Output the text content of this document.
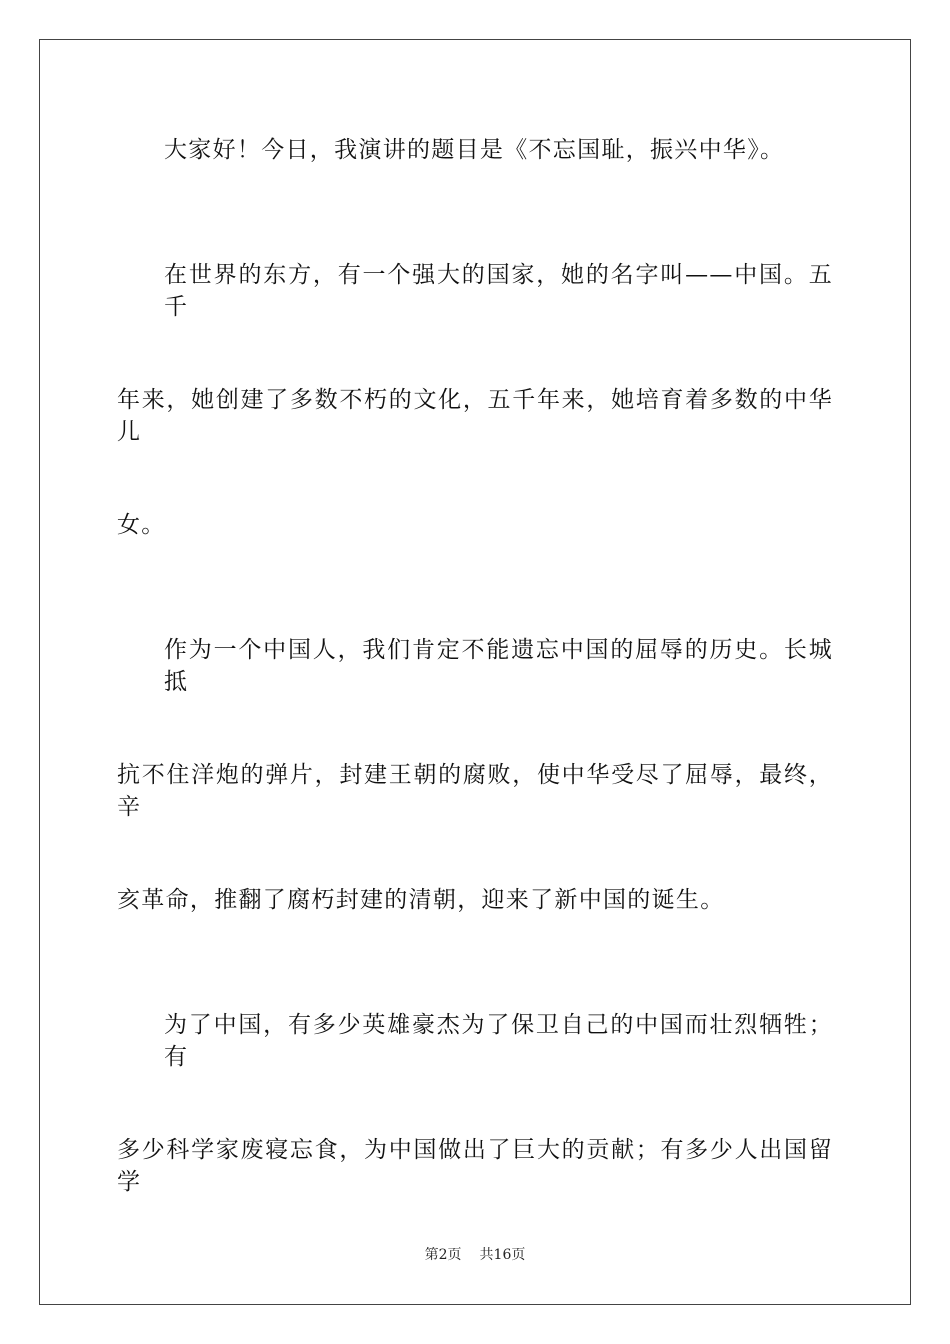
大家好！今日，我演讲的题目是《不忘国耻，振兴中华》。
在世界的东方，有一个强大的国家，她的名字叫——中国。五千
年来，她创建了多数不朽的文化，五千年来，她培育着多数的中华儿
女。
作为一个中国人，我们肯定不能遗忘中国的屈辱的历史。长城抵
抗不住洋炮的弹片，封建王朝的腐败，使中华受尽了屈辱，最终，辛
亥革命，推翻了腐朽封建的清朝，迎来了新中国的诞生。
为了中国，有多少英雄豪杰为了保卫自己的中国而壮烈牺牲；有
多少科学家废寝忘食，为中国做出了巨大的贡献；有多少人出国留学
第2页 共16页
